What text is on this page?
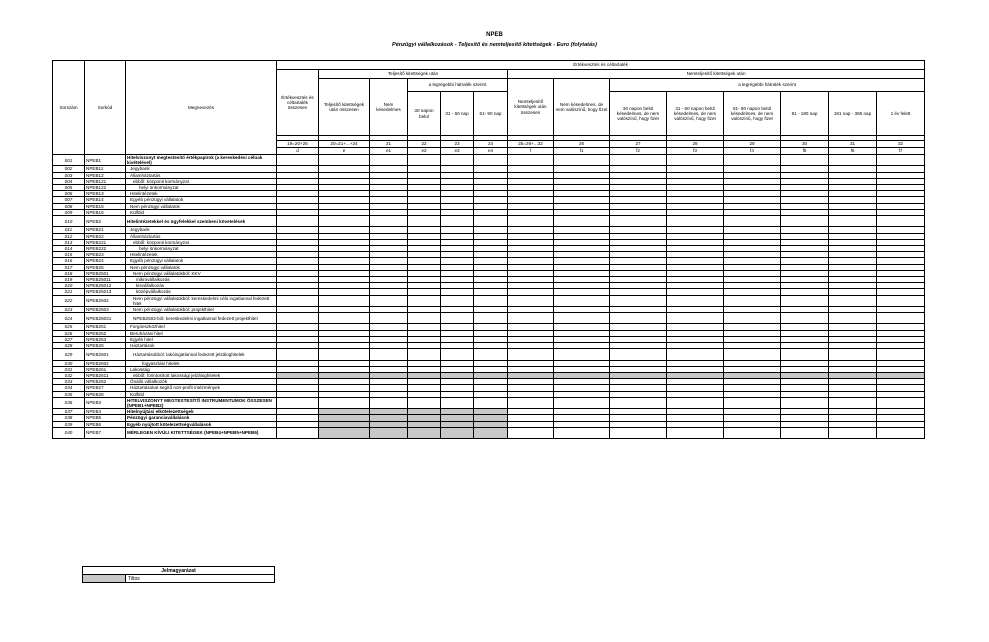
NPEB
Pénzügyi vállalkozások - Teljesítő és nemteljesítő kitettségek - Euro (folytatás)
Sorszám	Sorkód	Megnevezés	Értékvesztés és céltartalék													
			Értékvesztés és céltartalék összesen	Teljesítő kitettségek után					Nemteljesítő kitettségek után							
				Teljesítő kitettségek után összesen	Nem késedelmes	a legrégebbi hátralék szerint			Nemteljesítő kitettségek után összesen	Nem késedelmes, de nem valószínű, hogy fizet	a legrégebbi hátralék szerint					
						30 napon belül	31 - 60 nap	61- 90 nap			30 napon belül késedelmes, de nem valószínű, hogy fizet	31 - 60 napon belül késedelmes, de nem valószínű, hogy fizet	61- 90 napon belül késedelmes, de nem valószínű, hogy fizet	91 - 180 nap	181 nap - 365 nap	1 év felett

			19=20+25	20=21+...+24	21	22	23	24	25=26+...32	26	27	28	29	30	31	32
			d	e	e1	e2	e3	e4	f	f1	f2	f3	f4	f5	f6	f7
001	NPEB1	Hitelviszonyt megtestesítő értékpapírok (a kereskedési célúak kivételével)														
002	NPEB11	Jegybank														
003	NPEB12	Államháztartás														
004	NPEB121	ebből: központi kormányzat														
005	NPEB122	helyi önkormányzat														
006	NPEB13	Hitelintézetek														
007	NPEB14	Egyéb pénzügyi vállalatok														
008	NPEB15	Nem pénzügyi vállalatok														
009	NPEB16	Külföld														
010	NPEB2	Hitelintézetekkel és ügyfelekkel szembeni követelések														
011	NPEB21	Jegybank														
012	NPEB22	Államháztartás														
013	NPEB221	ebből: központi kormányzat														
014	NPEB222	helyi önkormányzat														
015	NPEB23	Hitelintézetek														
016	NPEB24	Egyéb pénzügyi vállalatok														
017	NPEB25	Nem pénzügyi vállalatok														
018	NPEB2501	Nem pénzügyi vállalatokból: KKV														
019	NPEB25011	mikrovállalkozás														
020	NPEB25012	kisvállalkozás														
021	NPEB25013	középvállalkozás														
022	NPEB2502	Nem pénzügyi vállalatokból: kereskedelmi célú ingatlannal fedezett hitel														
023	NPEB2503	Nem pénzügyi vállalatokból: projekthitel														
024	NPEB25031	NPEB2503-ból: kereskedelmi ingatlannal fedezett projekthitel														
025	NPEB251	Forgóeszközhitel														
026	NPEB252	Beruházási hitel														
027	NPEB253	Egyéb hitel														
028	NPEB26	Háztartások														
029	NPEB2601	Háztartásokból: lakóingatlannal fedezett jelzáloghitelek														
030	NPEB2602	fogyasztási hitelek														
031	NPEB261	Lakosság														
032	NPEB2611	ebből: forintosított lakossági jelzáloghitelek														
033	NPEB262	Önálló vállalkozók														
034	NPEB27	Háztartásokat segítő non-profit intézmények														
035	NPEB28	Külföld														
036	NPEB3	HITELVISZONYT MEGTESTESÍTŐ INSTRUMENTUMOK ÖSSZESEN (NPEB1+NPEB2)														
037	NPEB4	Hitelnyújtási elkötelezettségek														
038	NPEB5	Pénzügyi garanciavállalások														
039	NPEB6	Egyéb nyújtott kötelezettségvállalások														
040	NPEB7	MÉRLEGEN KÍVÜLI KITETTSÉGEK (NPEB4+NPEB5+NPEB6)														
Jelmagyarázat
	Tiltos
